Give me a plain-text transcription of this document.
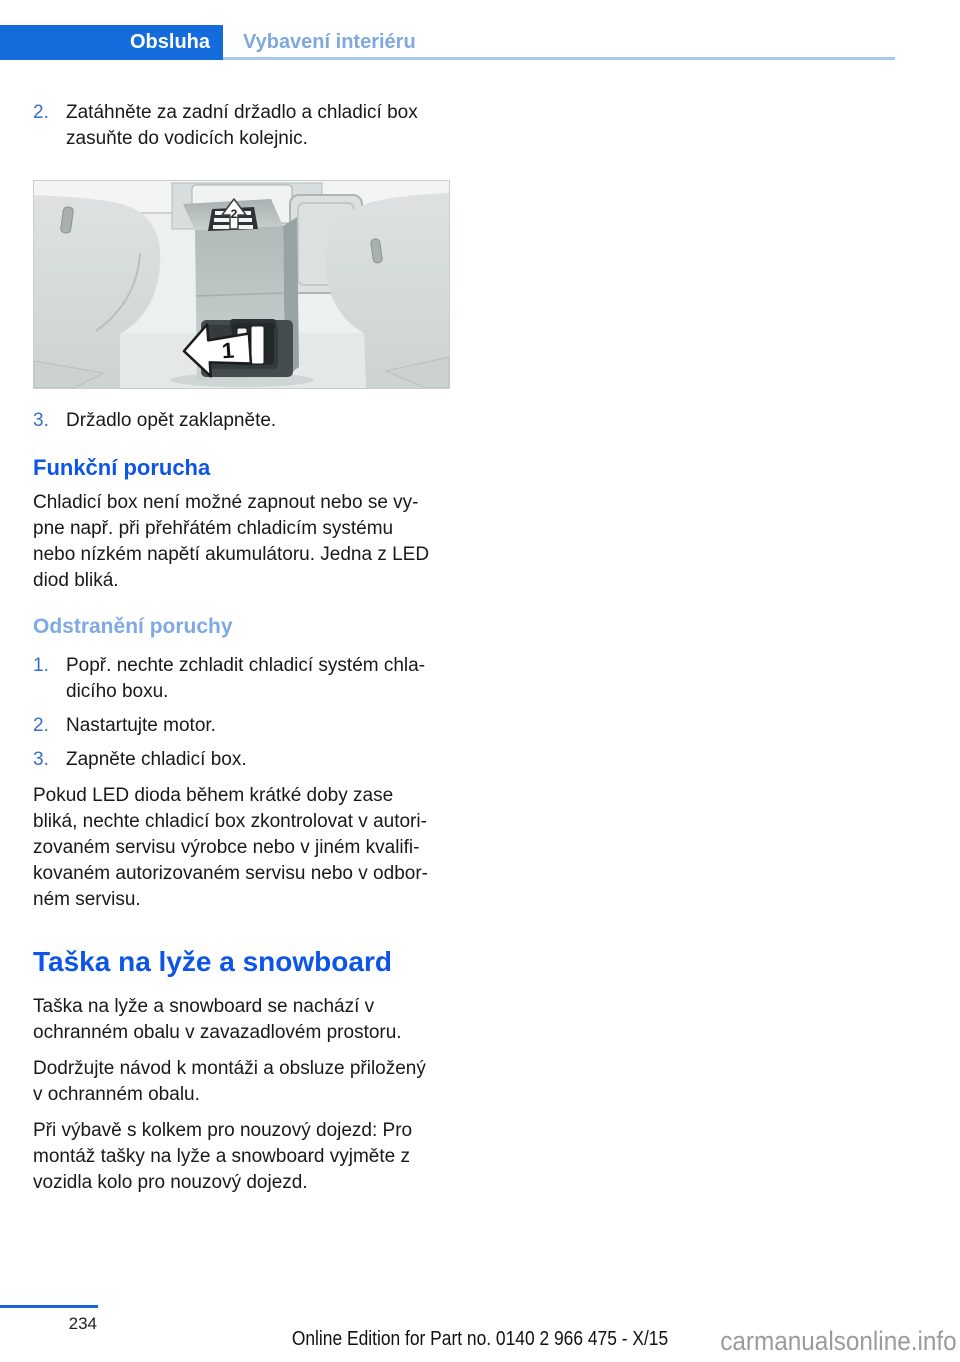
Obsluha	Vybavení interiéru
2. Zatáhněte za zadní držadlo a chladicí box
zasuňte do vodicích kolejnic.
2
1
3. Držadlo opět zaklapněte.
Funkční porucha
Chladicí box není možné zapnout nebo se vy-
pne např. při přehřátém chladicím systému
nebo nízkém napětí akumulátoru. Jedna z LED
diod bliká.
Odstranění poruchy
1. Popř. nechte zchladit chladicí systém chla-
dicího boxu.
2. Nastartujte motor.
3. Zapněte chladicí box.
Pokud LED dioda během krátké doby zase
bliká, nechte chladicí box zkontrolovat v autori-
zovaném servisu výrobce nebo v jiném kvalifi-
kovaném autorizovaném servisu nebo v odbor-
ném servisu.
Taška na lyže a snowboard
Taška na lyže a snowboard se nachází v
ochranném obalu v zavazadlovém prostoru.
Dodržujte návod k montáži a obsluze přiložený
v ochranném obalu.
Při výbavě s kolkem pro nouzový dojezd: Pro
montáž tašky na lyže a snowboard vyjměte z
vozidla kolo pro nouzový dojezd.
234
Online Edition for Part no. 0140 2 966 475 - X/15	carmanualsonline.info
